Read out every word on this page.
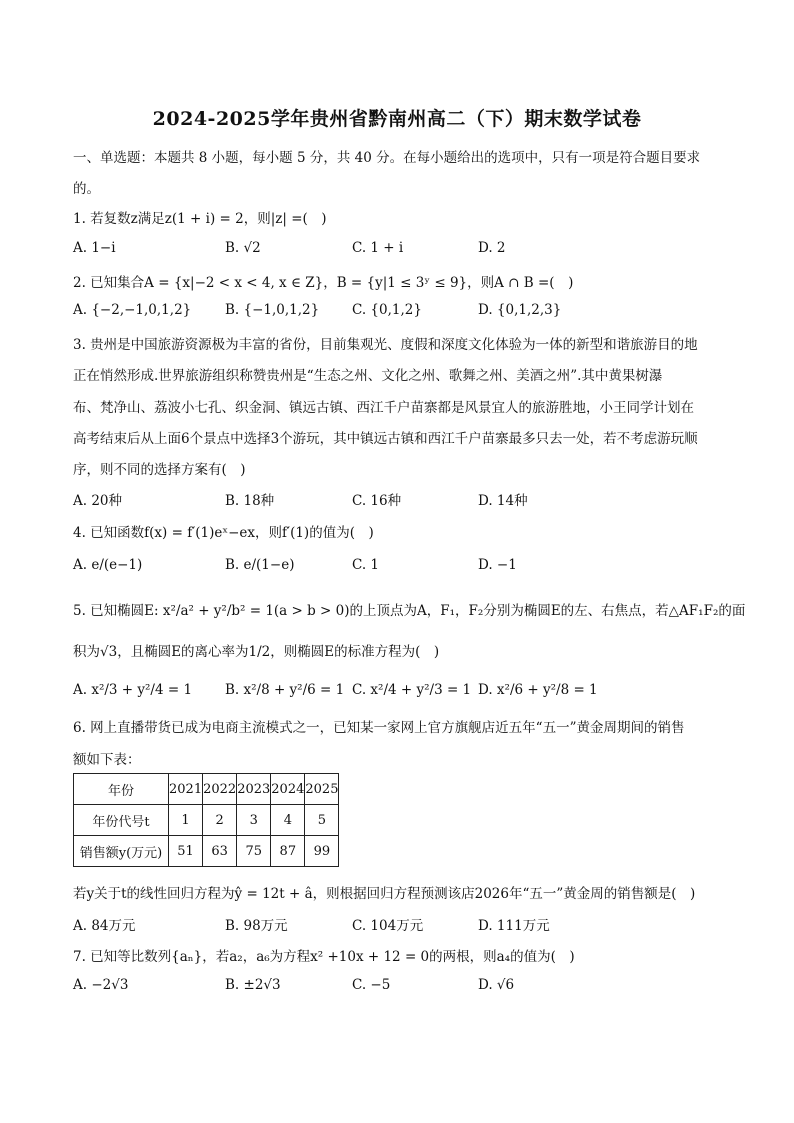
2024-2025学年贵州省黔南州高二（下）期末数学试卷
一、单选题：本题共 8 小题，每小题 5 分，共 40 分。在每小题给出的选项中，只有一项是符合题目要求
的。
1. 若复数z满足z(1 + i) = 2，则|z| =(　)
A. 1−i	B. √2	C. 1 + i	D. 2
2. 已知集合A = {x|−2 < x < 4, x ∈ Z}，B = {y|1 ≤ 3ʸ ≤ 9}，则A ∩ B =(　)
A. {−2,−1,0,1,2}	B. {−1,0,1,2} C. {0,1,2}	D. {0,1,2,3}
3. 贵州是中国旅游资源极为丰富的省份，目前集观光、度假和深度文化体验为一体的新型和谐旅游目的地
正在悄然形成.世界旅游组织称赞贵州是“生态之州、文化之州、歌舞之州、美酒之州”.其中黄果树瀑
布、梵净山、荔波小七孔、织金洞、镇远古镇、西江千户苗寨都是风景宜人的旅游胜地，小王同学计划在
高考结束后从上面6个景点中选择3个游玩，其中镇远古镇和西江千户苗寨最多只去一处，若不考虑游玩顺
序，则不同的选择方案有(　)
A. 20种	B. 18种	C. 16种	D. 14种
4. 已知函数f(x) = f′(1)eˣ−ex，则f′(1)的值为(　)
A. e/(e−1)	B. e/(1−e)	C. 1	D. −1
5. 已知椭圆E: x²/a² + y²/b² = 1(a > b > 0)的上顶点为A，F₁，F₂分别为椭圆E的左、右焦点，若△AF₁F₂的面
积为√3，且椭圆E的离心率为1/2，则椭圆E的标准方程为(　)
A. x²/3 + y²/4 = 1 B. x²/8 + y²/6 = 1 C. x²/4 + y²/3 = 1 D. x²/6 + y²/8 = 1
6. 网上直播带货已成为电商主流模式之一，已知某一家网上官方旗舰店近五年“五一”黄金周期间的销售
额如下表：
年份	2021	2022	2023	2024	2025
年份代号t	1	2	3	4	5
销售额y(万元)	51	63	75	87	99
若y关于t的线性回归方程为ŷ = 12t + â，则根据回归方程预测该店2026年“五一”黄金周的销售额是(　)
A. 84万元	B. 98万元	C. 104万元	D. 111万元
7. 已知等比数列{aₙ}，若a₂，a₆为方程x² +10x + 12 = 0的两根，则a₄的值为(　)
A. −2√3	B. ±2√3	C. −5	D. √6
